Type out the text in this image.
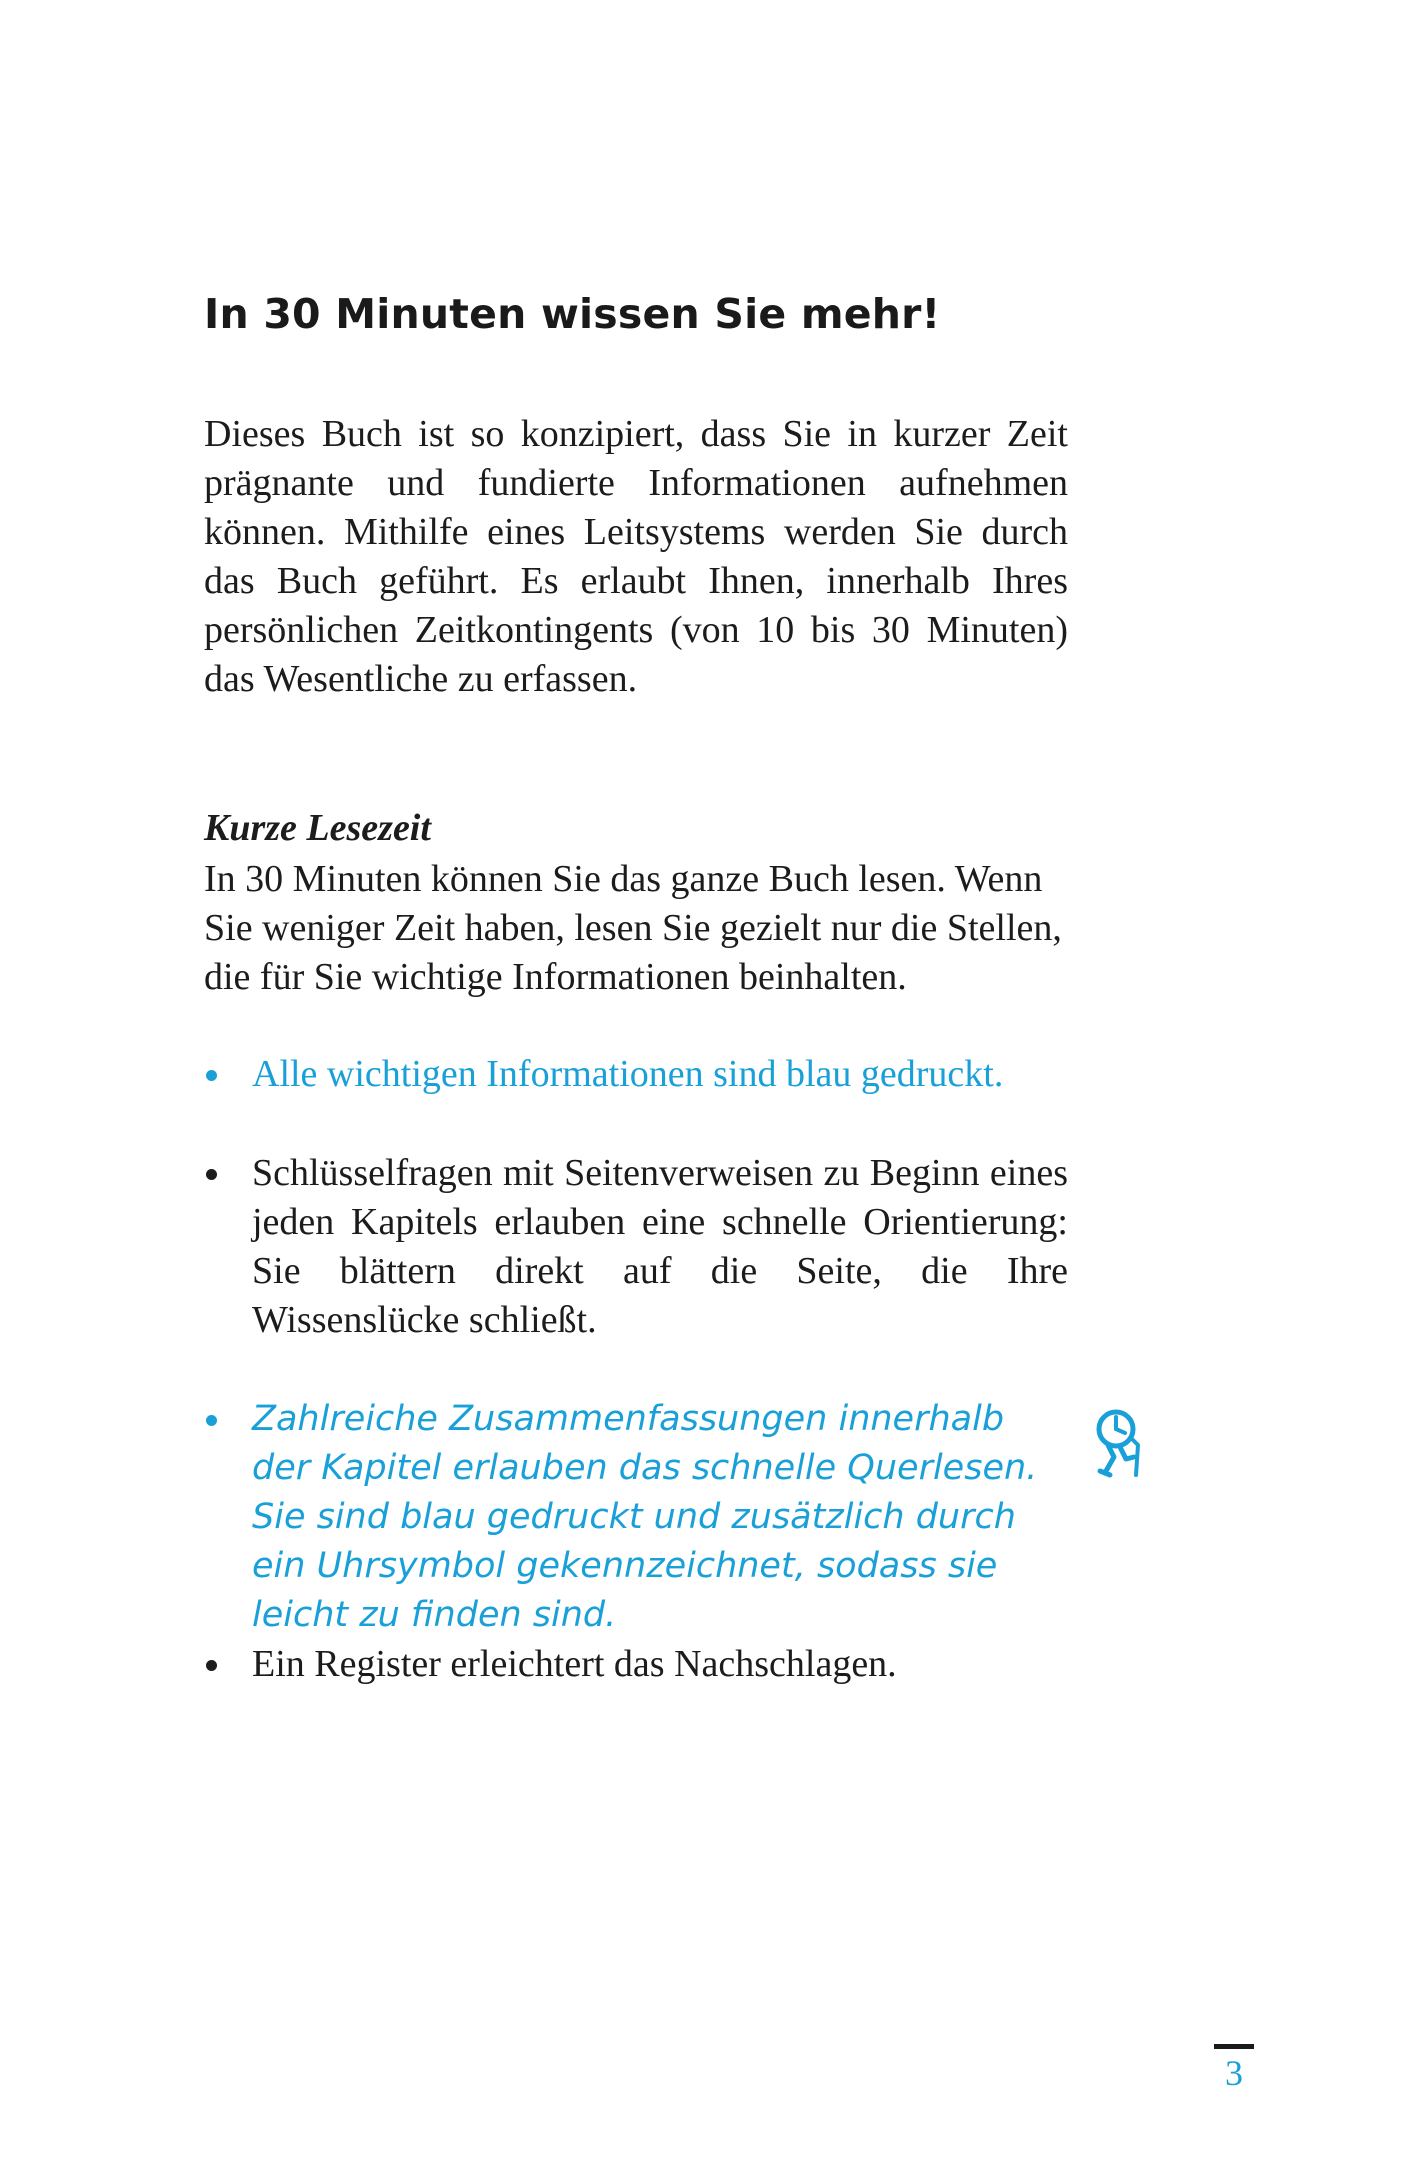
In 30 Minuten wissen Sie mehr!

Dieses Buch ist so konzipiert, dass Sie in kurzer Zeit prägnante und fundierte Informationen aufnehmen können. Mithilfe eines Leitsystems werden Sie durch das Buch geführt. Es erlaubt Ihnen, innerhalb Ihres persönlichen Zeitkontingents (von 10 bis 30 Minuten) das Wesentliche zu erfassen.

Kurze Lesezeit

In 30 Minuten können Sie das ganze Buch lesen. Wenn Sie weniger Zeit haben, lesen Sie gezielt nur die Stellen, die für Sie wichtige Informationen beinhalten.

Alle wichtigen Informationen sind blau gedruckt.

Schlüsselfragen mit Seitenverweisen zu Beginn eines jeden Kapitels erlauben eine schnelle Orientierung: Sie blättern direkt auf die Seite, die Ihre Wissenslücke schließt.

Zahlreiche Zusammenfassungen innerhalb der Kapitel erlauben das schnelle Querlesen. Sie sind blau gedruckt und zusätzlich durch ein Uhrsymbol gekennzeichnet, sodass sie leicht zu finden sind.

Ein Register erleichtert das Nachschlagen.

3
